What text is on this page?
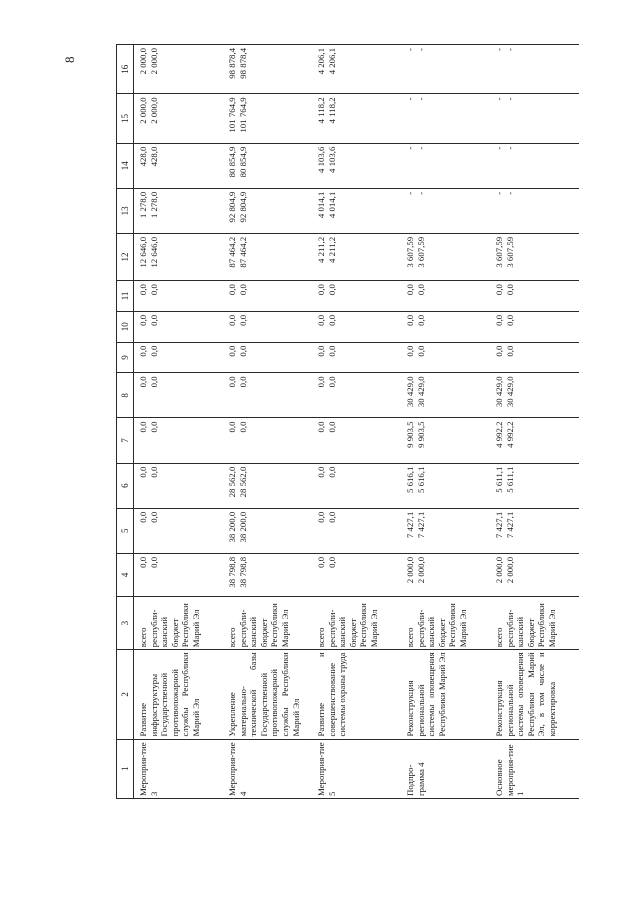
8
1	2	3	4	5	6	7	8	9	10	11	12	13	14	15	16
Мероприя-тие 3	Развитие инфраструктуры Государственной противопожарной службы Республики Марий Эл	всего республи-канский бюджет Республики Марий Эл	0,0 0,0	0,0 0,0	0,0 0,0	0,0 0,0	0,0 0,0	0,0 0,0	0,0 0,0	0,0 0,0	12 646,0 12 646,0	1 278,0 1 278,0	428,0 428,0	2 000,0 2 000,0	2 000,0 2 000,0

Мероприя-тие 4	Укрепление материально-технической базы Государственной противопожарной службы Республики Марий Эл	всего республи-канский бюджет Республики Марий Эл	38 798,8 38 798,8	38 200,0 38 200,0	28 562,0 28 562,0	0,0 0,0	0,0 0,0	0,0 0,0	0,0 0,0	0,0 0,0	87 464,2 87 464,2	92 804,9 92 804,9	80 854,9 80 854,9	101 764,9 101 764,9	98 878,4 98 878,4

Мероприя-тие 5	Развитие и совершенствование системы охраны труда	всего республи-канский бюджет Республики Марий Эл	0,0 0,0	0,0 0,0	0,0 0,0	0,0 0,0	0,0 0,0	0,0 0,0	0,0 0,0	0,0 0,0	4 211,2 4 211,2	4 014,1 4 014,1	4 103,6 4 103,6	4 118,2 4 118,2	4 206,1 4 206,1

Подпро-грамма 4	Реконструкция региональной системы оповещения Республики Марий Эл	всего республи-канский бюджет Республики Марий Эл	2 000,0 2 000,0	7 427,1 7 427,1	5 616,1 5 616,1	9 903,5 9 903,5	30 429,0 30 429,0	0,0 0,0	0,0 0,0	0,0 0,0	3 607,59 3 607,59	- -	- -	- -	- -

Основное мероприя-тие 1	Реконструкция региональной системы оповещения Республики Марий Эл, в том числе и корректировка	всего республи-канский бюджет Республики Марий Эл	2 000,0 2 000,0	7 427,1 7 427,1	5 611,1 5 611,1	4 992,2 4 992,2	30 429,0 30 429,0	0,0 0,0	0,0 0,0	0,0 0,0	3 607,59 3 607,59	- -	- -	- -	- -
